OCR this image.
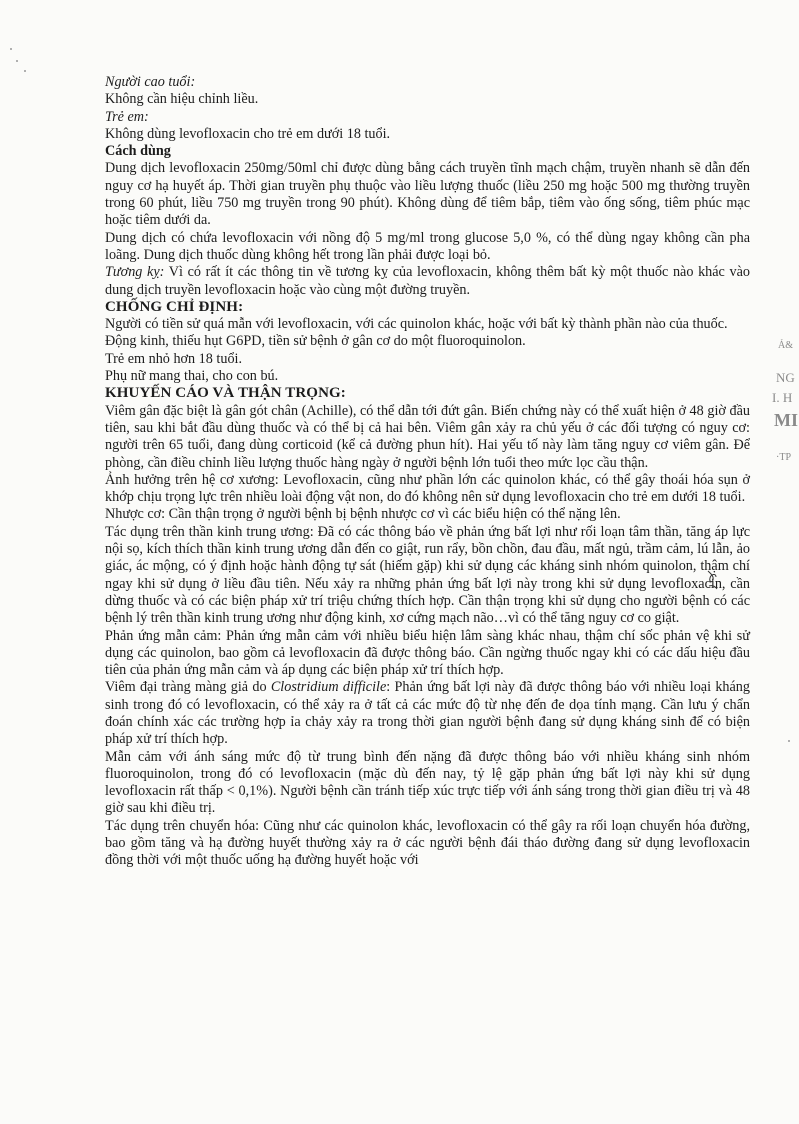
Người cao tuổi:

Không cần hiệu chỉnh liều.

Trẻ em:

Không dùng levofloxacin cho trẻ em dưới 18 tuổi.

Cách dùng

Dung dịch levofloxacin 250mg/50ml chỉ được dùng bằng cách truyền tĩnh mạch chậm, truyền nhanh sẽ dẫn đến nguy cơ hạ huyết áp. Thời gian truyền phụ thuộc vào liều lượng thuốc (liều 250 mg hoặc 500 mg thường truyền trong 60 phút, liều 750 mg truyền trong 90 phút). Không dùng để tiêm bắp, tiêm vào ống sống, tiêm phúc mạc hoặc tiêm dưới da.

Dung dịch có chứa levofloxacin với nồng độ 5 mg/ml trong glucose 5,0 %, có thể dùng ngay không cần pha loãng. Dung dịch thuốc dùng không hết trong lần phải được loại bỏ.

Tương kỵ: Vì có rất ít các thông tin về tương kỵ của levofloxacin, không thêm bất kỳ một thuốc nào khác vào dung dịch truyền levofloxacin hoặc vào cùng một đường truyền.

CHỐNG CHỈ ĐỊNH:

Người có tiền sử quá mẫn với levofloxacin, với các quinolon khác, hoặc với bất kỳ thành phần nào của thuốc.

Động kinh, thiếu hụt G6PD, tiền sử bệnh ở gân cơ do một fluoroquinolon.

Trẻ em nhỏ hơn 18 tuổi.

Phụ nữ mang thai, cho con bú.

KHUYẾN CÁO VÀ THẬN TRỌNG:

Viêm gân đặc biệt là gân gót chân (Achille), có thể dẫn tới đứt gân. Biến chứng này có thể xuất hiện ở 48 giờ đầu tiên, sau khi bắt đầu dùng thuốc và có thể bị cả hai bên. Viêm gân xảy ra chủ yếu ở các đối tượng có nguy cơ: người trên 65 tuổi, đang dùng corticoid (kể cả đường phun hít). Hai yếu tố này làm tăng nguy cơ viêm gân. Để phòng, cần điều chỉnh liều lượng thuốc hàng ngày ở người bệnh lớn tuổi theo mức lọc cầu thận.

Ảnh hưởng trên hệ cơ xương: Levofloxacin, cũng như phần lớn các quinolon khác, có thể gây thoái hóa sụn ở khớp chịu trọng lực trên nhiều loài động vật non, do đó không nên sử dụng levofloxacin cho trẻ em dưới 18 tuổi.

Nhược cơ: Cần thận trọng ở người bệnh bị bệnh nhược cơ vì các biểu hiện có thể nặng lên.

Tác dụng trên thần kinh trung ương: Đã có các thông báo về phản ứng bất lợi như rối loạn tâm thần, tăng áp lực nội sọ, kích thích thần kinh trung ương dẫn đến co giật, run rẩy, bồn chồn, đau đầu, mất ngủ, trầm cảm, lú lẫn, ảo giác, ác mộng, có ý định hoặc hành động tự sát (hiếm gặp) khi sử dụng các kháng sinh nhóm quinolon, thậm chí ngay khi sử dụng ở liều đầu tiên. Nếu xảy ra những phản ứng bất lợi này trong khi sử dụng levofloxacin, cần dừng thuốc và có các biện pháp xử trí triệu chứng thích hợp. Cần thận trọng khi sử dụng cho người bệnh có các bệnh lý trên thần kinh trung ương như động kinh, xơ cứng mạch não…vì có thể tăng nguy cơ co giật.

Phản ứng mẫn cảm: Phản ứng mẫn cảm với nhiều biểu hiện lâm sàng khác nhau, thậm chí sốc phản vệ khi sử dụng các quinolon, bao gồm cả levofloxacin đã được thông báo. Cần ngừng thuốc ngay khi có các dấu hiệu đầu tiên của phản ứng mẫn cảm và áp dụng các biện pháp xử trí thích hợp.

Viêm đại tràng màng giả do Clostridium difficile: Phản ứng bất lợi này đã được thông báo với nhiều loại kháng sinh trong đó có levofloxacin, có thể xảy ra ở tất cả các mức độ từ nhẹ đến đe dọa tính mạng. Cần lưu ý chẩn đoán chính xác các trường hợp ỉa chảy xảy ra trong thời gian người bệnh đang sử dụng kháng sinh để có biện pháp xử trí thích hợp.

Mẫn cảm với ánh sáng mức độ từ trung bình đến nặng đã được thông báo với nhiều kháng sinh nhóm fluoroquinolon, trong đó có levofloxacin (mặc dù đến nay, tỷ lệ gặp phản ứng bất lợi này khi sử dụng levofloxacin rất thấp < 0,1%). Người bệnh cần tránh tiếp xúc trực tiếp với ánh sáng trong thời gian điều trị và 48 giờ sau khi điều trị.

Tác dụng trên chuyển hóa: Cũng như các quinolon khác, levofloxacin có thể gây ra rối loạn chuyển hóa đường, bao gồm tăng và hạ đường huyết thường xảy ra ở các người bệnh đái tháo đường đang sử dụng levofloxacin đồng thời với một thuốc uống hạ đường huyết hoặc với

Ả&
NG
I. H
MI
·TP
